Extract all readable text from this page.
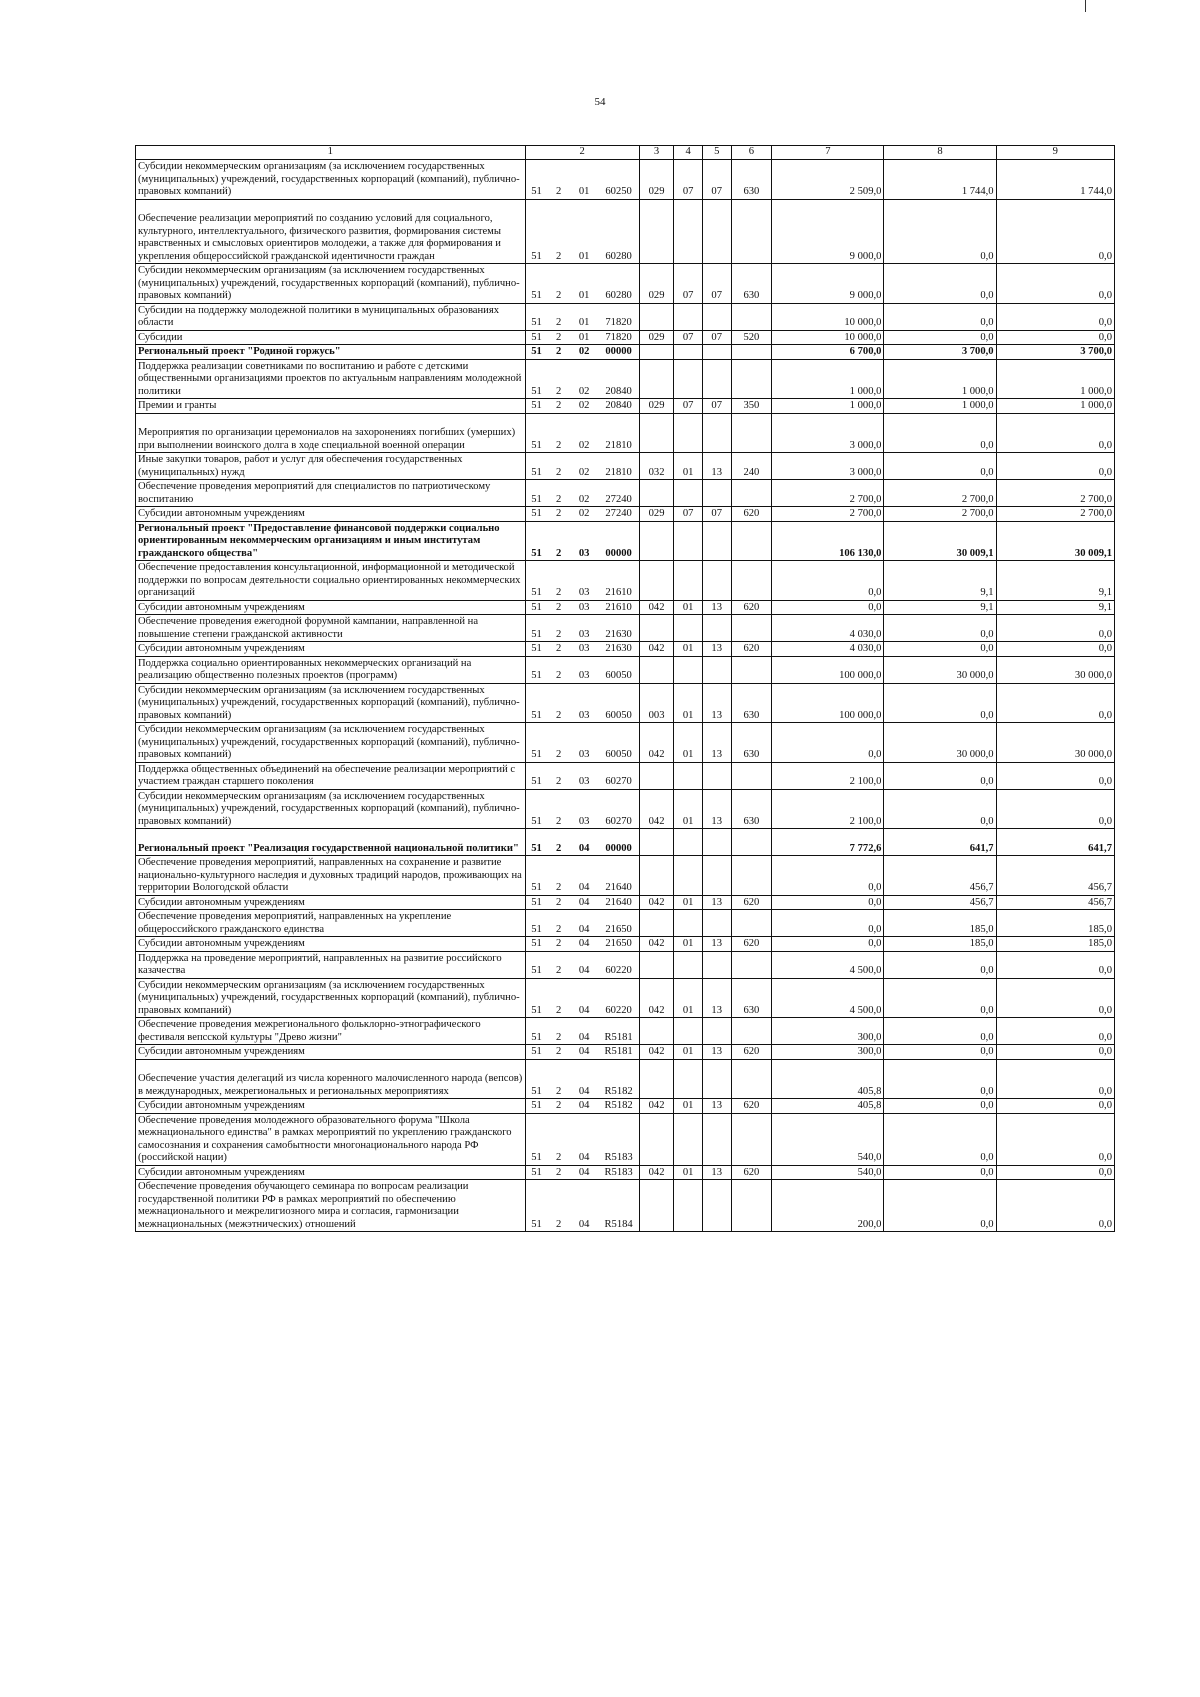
54
1	2				3	4	5	6	7	8	9
Субсидии некоммерческим организациям (за исключением государственных (муниципальных) учреждений, государственных корпораций (компаний), публично-правовых компаний)	51	2	01	60250	029	07	07	630	2 509,0	1 744,0	1 744,0
Обеспечение реализации мероприятий по созданию условий для социального, культурного, интеллектуального, физического развития, формирования системы нравственных и смысловых ориентиров молодежи, а также для формирования и укрепления общероссийской гражданской идентичности граждан	51	2	01	60280					9 000,0	0,0	0,0
Субсидии некоммерческим организациям (за исключением государственных (муниципальных) учреждений, государственных корпораций (компаний), публично-правовых компаний)	51	2	01	60280	029	07	07	630	9 000,0	0,0	0,0
Субсидии на поддержку молодежной политики в муниципальных образованиях области	51	2	01	71820					10 000,0	0,0	0,0
Субсидии	51	2	01	71820	029	07	07	520	10 000,0	0,0	0,0
Региональный проект "Родиной горжусь"	51	2	02	00000					6 700,0	3 700,0	3 700,0
Поддержка реализации советниками по воспитанию и работе с детскими общественными организациями проектов по актуальным направлениям молодежной политики	51	2	02	20840					1 000,0	1 000,0	1 000,0
Премии и гранты	51	2	02	20840	029	07	07	350	1 000,0	1 000,0	1 000,0
Мероприятия по организации церемониалов на захоронениях погибших (умерших) при выполнении воинского долга в ходе специальной военной операции	51	2	02	21810					3 000,0	0,0	0,0
Иные закупки товаров, работ и услуг для обеспечения государственных (муниципальных) нужд	51	2	02	21810	032	01	13	240	3 000,0	0,0	0,0
Обеспечение проведения мероприятий для специалистов по патриотическому воспитанию	51	2	02	27240					2 700,0	2 700,0	2 700,0
Субсидии автономным учреждениям	51	2	02	27240	029	07	07	620	2 700,0	2 700,0	2 700,0
Региональный проект "Предоставление финансовой поддержки социально ориентированным некоммерческим организациям и иным институтам гражданского общества"	51	2	03	00000					106 130,0	30 009,1	30 009,1
Обеспечение предоставления консультационной, информационной и методической поддержки по вопросам деятельности социально ориентированных некоммерческих организаций	51	2	03	21610					0,0	9,1	9,1
Субсидии автономным учреждениям	51	2	03	21610	042	01	13	620	0,0	9,1	9,1
Обеспечение проведения ежегодной форумной кампании, направленной на повышение степени гражданской активности	51	2	03	21630					4 030,0	0,0	0,0
Субсидии автономным учреждениям	51	2	03	21630	042	01	13	620	4 030,0	0,0	0,0
Поддержка социально ориентированных некоммерческих организаций на реализацию общественно полезных проектов (программ)	51	2	03	60050					100 000,0	30 000,0	30 000,0
Субсидии некоммерческим организациям (за исключением государственных (муниципальных) учреждений, государственных корпораций (компаний), публично-правовых компаний)	51	2	03	60050	003	01	13	630	100 000,0	0,0	0,0
Субсидии некоммерческим организациям (за исключением государственных (муниципальных) учреждений, государственных корпораций (компаний), публично-правовых компаний)	51	2	03	60050	042	01	13	630	0,0	30 000,0	30 000,0
Поддержка общественных объединений на обеспечение реализации мероприятий с участием граждан старшего поколения	51	2	03	60270					2 100,0	0,0	0,0
Субсидии некоммерческим организациям (за исключением государственных (муниципальных) учреждений, государственных корпораций (компаний), публично-правовых компаний)	51	2	03	60270	042	01	13	630	2 100,0	0,0	0,0
Региональный проект "Реализация государственной национальной политики"	51	2	04	00000					7 772,6	641,7	641,7
Обеспечение проведения мероприятий, направленных на сохранение и развитие национально-культурного наследия и духовных традиций народов, проживающих на территории Вологодской области	51	2	04	21640					0,0	456,7	456,7
Субсидии автономным учреждениям	51	2	04	21640	042	01	13	620	0,0	456,7	456,7
Обеспечение проведения мероприятий, направленных на укрепление общероссийского гражданского единства	51	2	04	21650					0,0	185,0	185,0
Субсидии автономным учреждениям	51	2	04	21650	042	01	13	620	0,0	185,0	185,0
Поддержка на проведение мероприятий, направленных на развитие российского казачества	51	2	04	60220					4 500,0	0,0	0,0
Субсидии некоммерческим организациям (за исключением государственных (муниципальных) учреждений, государственных корпораций (компаний), публично-правовых компаний)	51	2	04	60220	042	01	13	630	4 500,0	0,0	0,0
Обеспечение проведения межрегионального фольклорно-этнографического фестиваля вепсской культуры "Древо жизни"	51	2	04	R5181					300,0	0,0	0,0
Субсидии автономным учреждениям	51	2	04	R5181	042	01	13	620	300,0	0,0	0,0
Обеспечение участия делегаций из числа коренного малочисленного народа (вепсов) в международных, межрегиональных и региональных мероприятиях	51	2	04	R5182					405,8	0,0	0,0
Субсидии автономным учреждениям	51	2	04	R5182	042	01	13	620	405,8	0,0	0,0
Обеспечение проведения молодежного образовательного форума "Школа межнационального единства" в рамках мероприятий по укреплению гражданского самосознания и сохранения самобытности многонационального народа РФ (российской нации)	51	2	04	R5183					540,0	0,0	0,0
Субсидии автономным учреждениям	51	2	04	R5183	042	01	13	620	540,0	0,0	0,0
Обеспечение проведения обучающего семинара по вопросам реализации государственной политики РФ в рамках мероприятий по обеспечению межнационального и межрелигиозного мира и согласия, гармонизации межнациональных (межэтнических) отношений	51	2	04	R5184					200,0	0,0	0,0
